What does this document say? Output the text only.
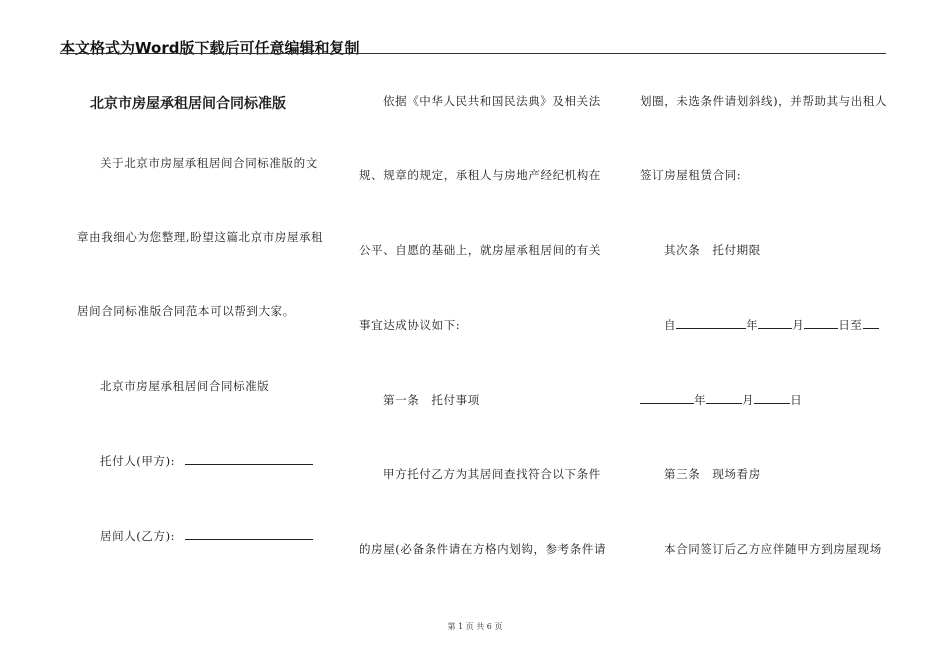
本文格式为Word版下载后可任意编辑和复制
北京市房屋承租居间合同标准版
关于北京市房屋承租居间合同标准版的文
章由我细心为您整理,盼望这篇北京市房屋承租
居间合同标准版合同范本可以帮到大家。
北京市房屋承租居间合同标准版
托付人(甲方):
居间人(乙方):
依据《中华人民共和国民法典》及相关法
规、规章的规定，承租人与房地产经纪机构在
公平、自愿的基础上，就房屋承租居间的有关
事宜达成协议如下:
第一条　托付事项
甲方托付乙方为其居间查找符合以下条件
的房屋(必备条件请在方格内划钩，参考条件请
划圈，未选条件请划斜线)，并帮助其与出租人
签订房屋租赁合同:
其次条　托付期限
自	年	月	日至
年	月	日
第三条　现场看房
本合同签订后乙方应伴随甲方到房屋现场
第 1 页 共 6 页
